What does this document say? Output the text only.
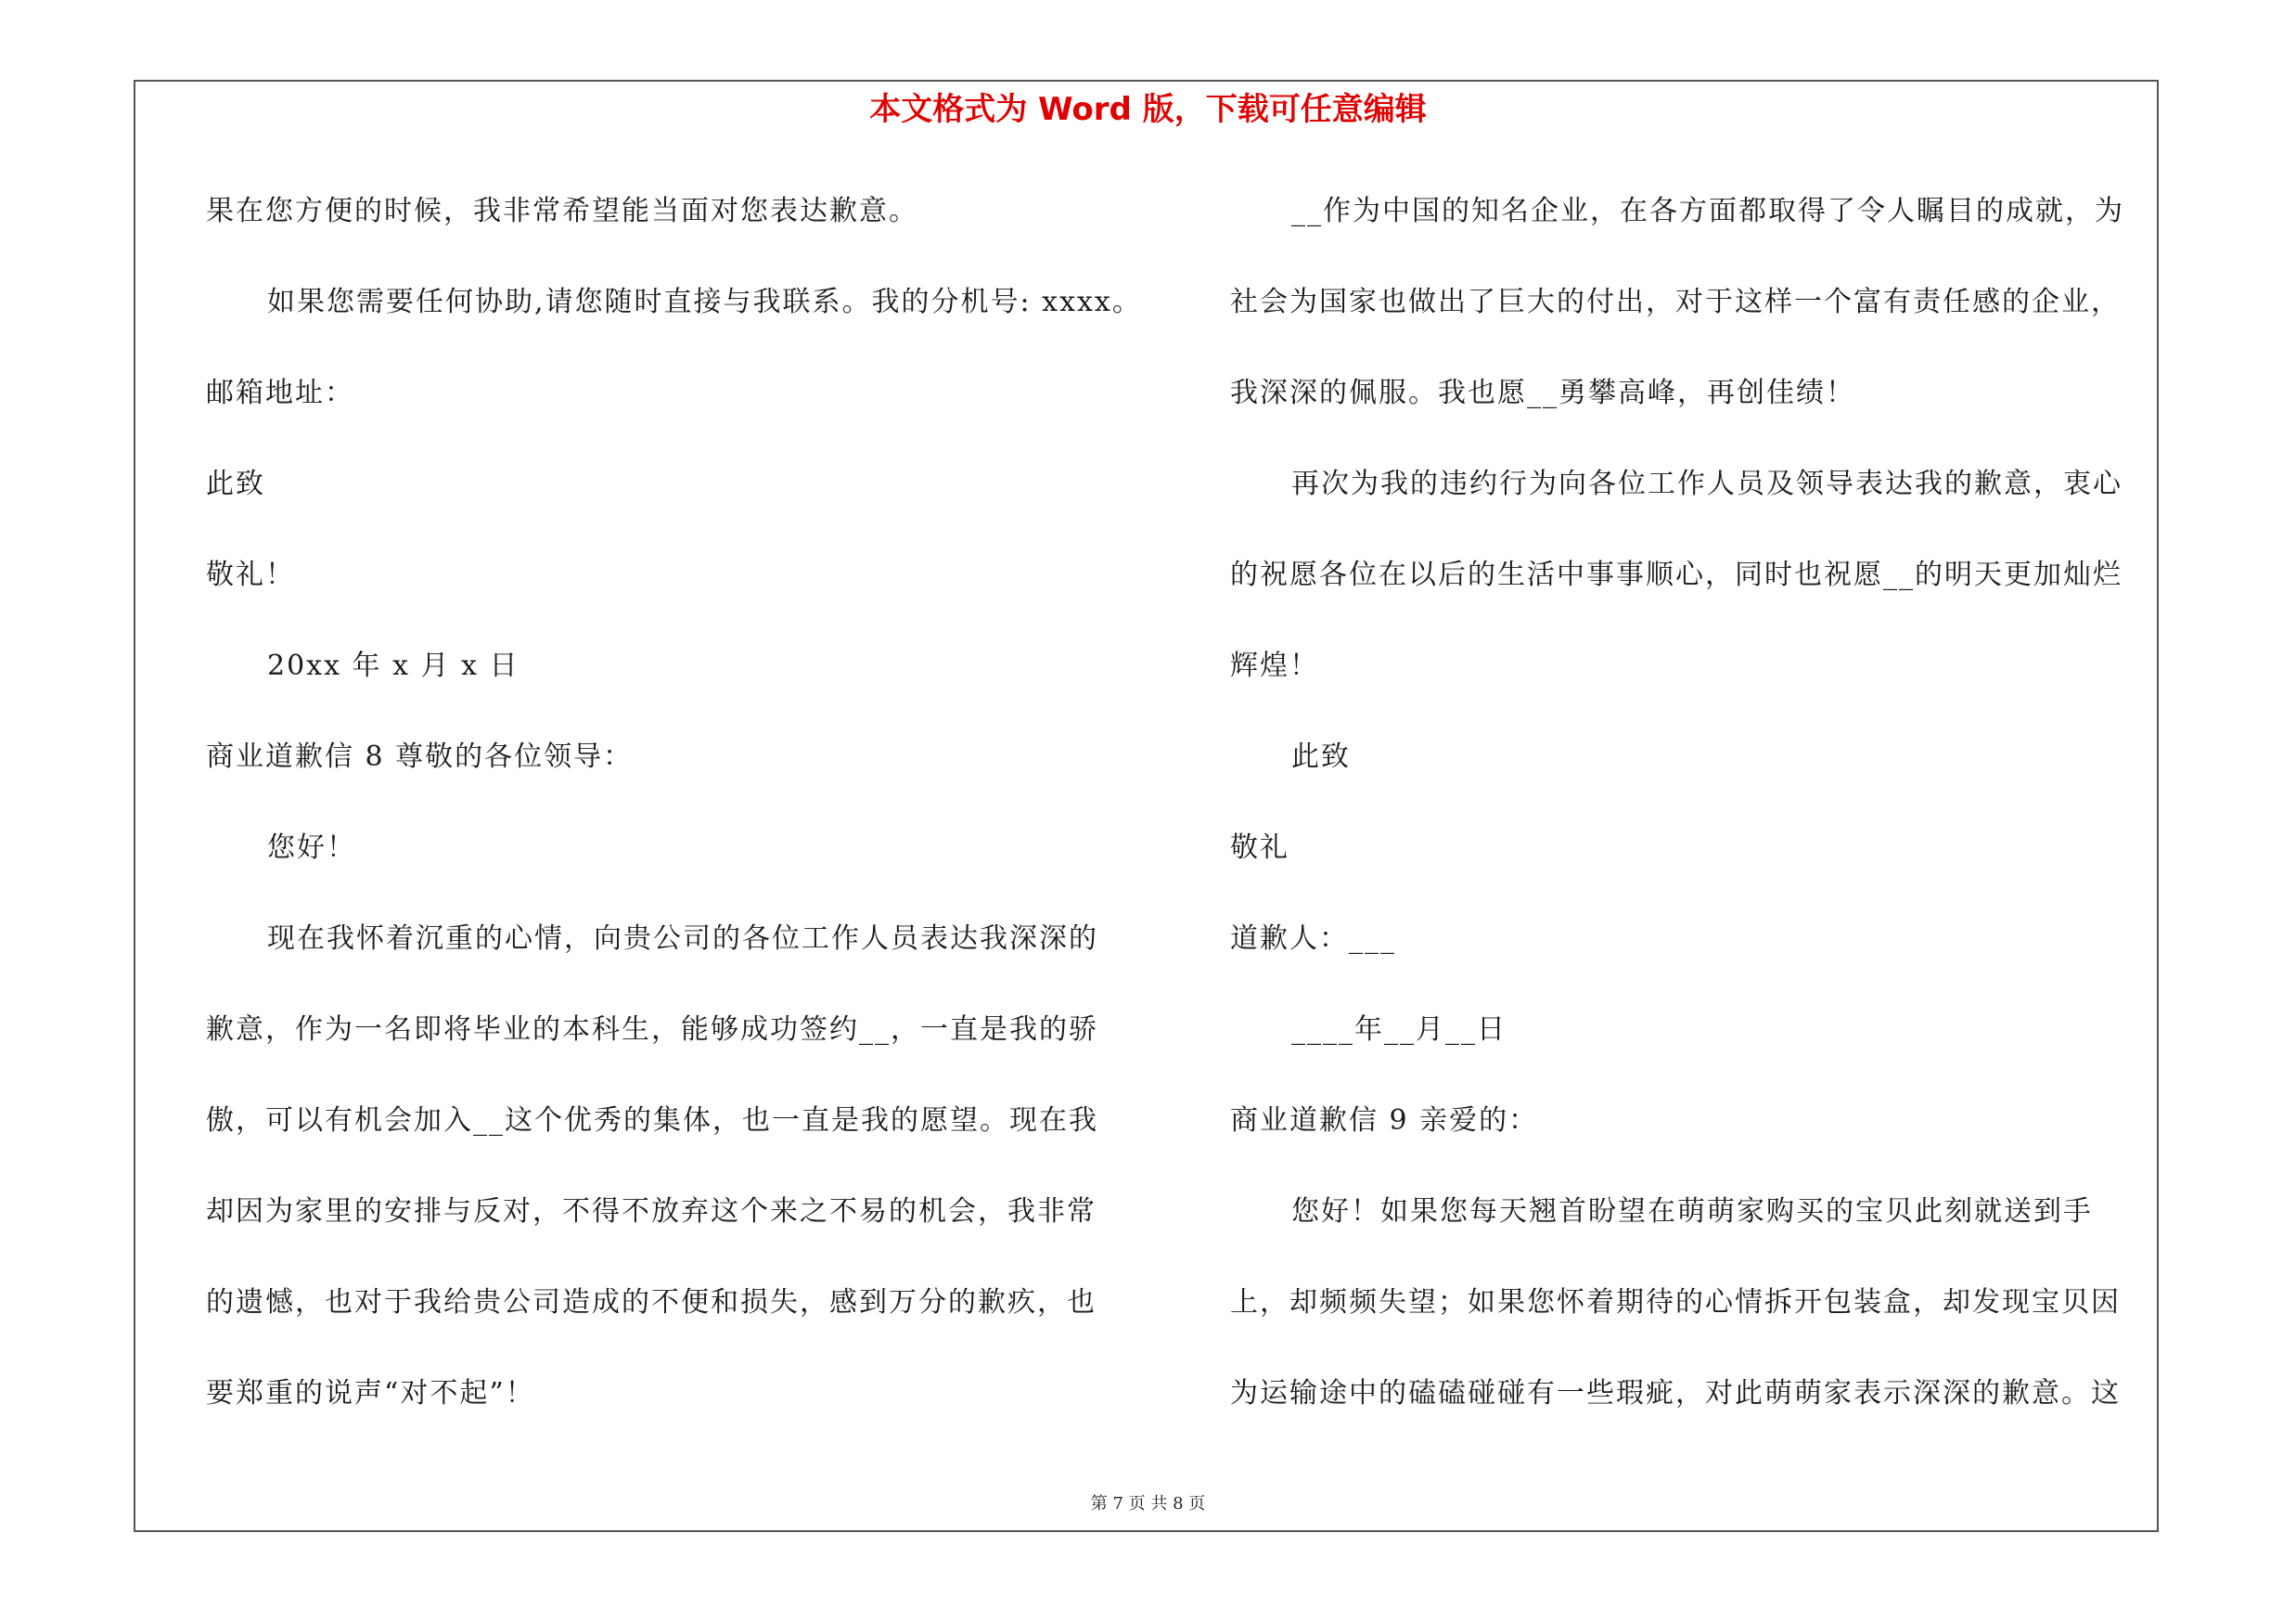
本文格式为 Word 版，下载可任意编辑
果在您方便的时候，我非常希望能当面对您表达歉意。
如果您需要任何协助,请您随时直接与我联系。我的分机号: xxxx。
邮箱地址：
此致
敬礼！
20xx 年 x 月 x 日
商业道歉信 8 尊敬的各位领导：
您好！
现在我怀着沉重的心情，向贵公司的各位工作人员表达我深深的
歉意，作为一名即将毕业的本科生，能够成功签约__，一直是我的骄
傲，可以有机会加入__这个优秀的集体，也一直是我的愿望。现在我
却因为家里的安排与反对，不得不放弃这个来之不易的机会，我非常
的遗憾，也对于我给贵公司造成的不便和损失，感到万分的歉疚，也
要郑重的说声“对不起”！
__作为中国的知名企业，在各方面都取得了令人瞩目的成就，为
社会为国家也做出了巨大的付出，对于这样一个富有责任感的企业，
我深深的佩服。我也愿__勇攀高峰，再创佳绩！
再次为我的违约行为向各位工作人员及领导表达我的歉意，衷心
的祝愿各位在以后的生活中事事顺心，同时也祝愿__的明天更加灿烂
辉煌！
此致
敬礼
道歉人：___
____年__月__日
商业道歉信 9 亲爱的：
您好！如果您每天翘首盼望在萌萌家购买的宝贝此刻就送到手
上，却频频失望；如果您怀着期待的心情拆开包装盒，却发现宝贝因
为运输途中的磕磕碰碰有一些瑕疵，对此萌萌家表示深深的歉意。这
第 7 页 共 8 页
